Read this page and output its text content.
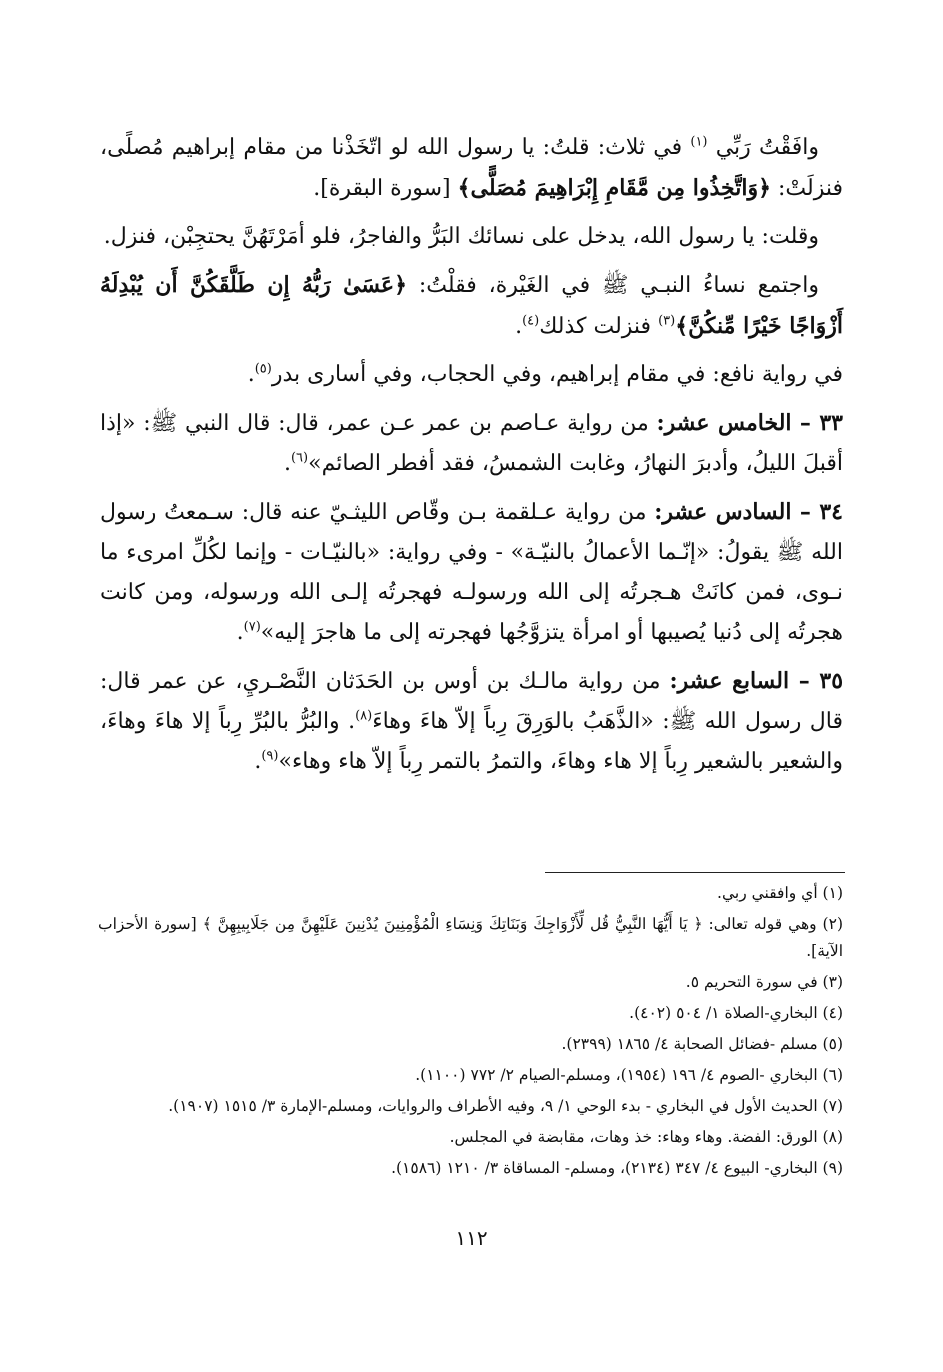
وافَقْتُ رَبِّي $^{(١)}$ في ثلاث: قلتُ: يا رسول الله لو اتّخَذْنا من مقام إبراهيم مُصلًى، فنزلَتْ: ﴿وَاتَّخِذُوا مِن مَّقَامِ إِبْرَاهِيمَ مُصَلًّى﴾ [سورة البقرة].

وقلت: يا رسول الله، يدخل على نسائك البَرُّ والفاجرُ، فلو أمَرْتَهُنَّ يحتجِبْن، فنزل.

واجتمع نساءُ النبـي ﷺ في الغَيْرة، فقلْتُ: ﴿عَسَىٰ رَبُّهُ إِن طَلَّقَكُنَّ أَن يُبْدِلَهُ أَزْوَاجًا خَيْرًا مِّنكُنَّ﴾$^{(٣)}$ فنزلت كذلك$^{(٤)}$.

في رواية نافع: في مقام إبراهيم، وفي الحجاب، وفي أسارى بدر$^{(٥)}$.

٣٣ – الخامس عشر: من رواية عـاصم بن عمر عـن عمر، قال: قال النبي ﷺ: «إذا أقبلَ الليلُ، وأدبرَ النهارُ، وغابت الشمسُ، فقد أفطر الصائم»$^{(٦)}$.

٣٤ – السادس عشر: من رواية عـلقمة بـن وقّاص الليثـيّ عنه قال: سـمعتُ رسول الله ﷺ يقولُ: «إنّـما الأعمالُ بالنيّـة» - وفي رواية: «بالنيّـات - وإنما لكُلِّ امرىء ما نـوى، فمن كانَتْ هـجرتُه إلى الله ورسولـه فهجرتُه إلـى الله ورسوله، ومن كانت هجرتُه إلى دُنيا يُصيبها أو امرأة يتزوَّجُها فهجرته إلى ما هاجرَ إليه»$^{(٧)}$.

٣٥ – السابع عشر: من رواية مالـك بن أوس بن الحَدَثان النَّصْـريِ، عن عمر قال: قال رسول الله ﷺ: «الذَّهَبُ بالوَرِقَ رِباً إلاّ هاءَ وهاءَ$^{(٨)}$. والبُرُّ بالبُرِّ رِباً إلا هاءَ وهاءَ، والشعير بالشعير رِباً إلا هاء وهاءَ، والتمرُ بالتمر رِباً إلاّ هاء وهاء»$^{(٩)}$.

(١) أي وافقني ربي.

(٢) وهي قوله تعالى: ﴿ يَا أَيُّهَا النَّبِيُّ قُل لِّأَزْوَاجِكَ وَبَنَاتِكَ وَنِسَاءِ الْمُؤْمِنِينَ يُدْنِينَ عَلَيْهِنَّ مِن جَلَابِيبِهِنَّ ﴾ [سورة الأحزاب الآية].

(٣) في سورة التحريم ٥.

(٤) البخاري-الصلاة ١/ ٥٠٤ (٤٠٢).

(٥) مسلم -فضائل الصحابة ٤/ ١٨٦٥ (٢٣٩٩).

(٦) البخاري -الصوم ٤/ ١٩٦ (١٩٥٤)، ومسلم-الصيام ٢/ ٧٧٢ (١١٠٠).

(٧) الحديث الأول في البخاري - بدء الوحي ١/ ٩، وفيه الأطراف والروايات، ومسلم-الإمارة ٣/ ١٥١٥ (١٩٠٧).

(٨) الورق: الفضة. وهاء وهاء: خذ وهات، مقابضة في المجلس.

(٩) البخاري- البيوع ٤/ ٣٤٧ (٢١٣٤)، ومسلم- المساقاة ٣/ ١٢١٠ (١٥٨٦).

١١٢
